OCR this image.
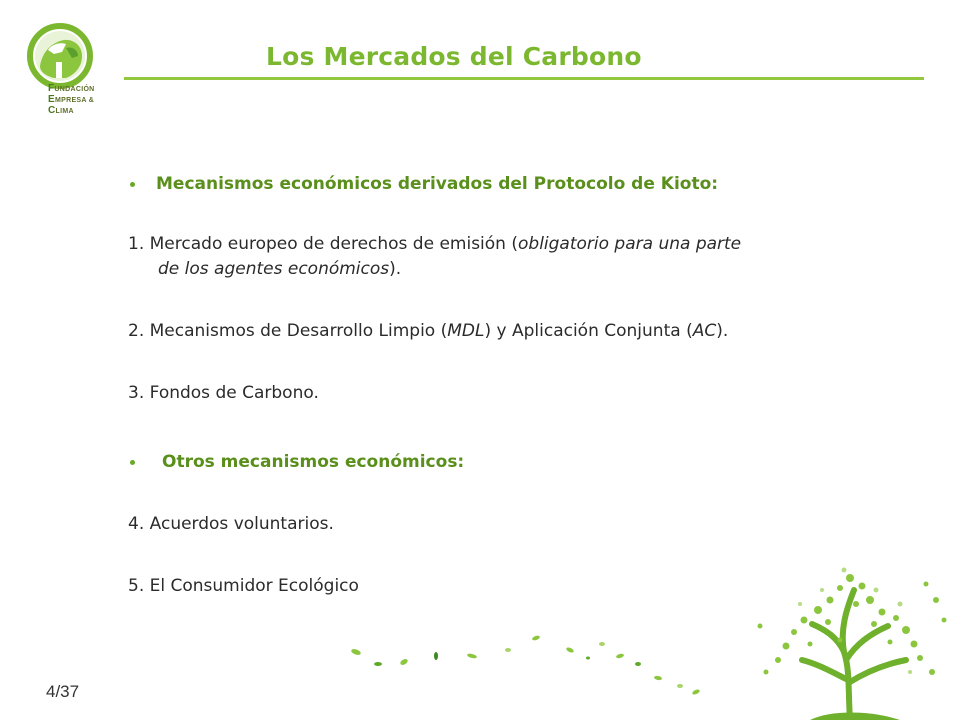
FUNDACIÓN
EMPRESA &
CLIMA
Los Mercados del Carbono
Mecanismos económicos derivados del Protocolo de Kioto:
1. Mercado europeo de derechos de emisión (obligatorio para una parte
de los agentes económicos).
2. Mecanismos de Desarrollo Limpio (MDL) y Aplicación Conjunta (AC).
3. Fondos de Carbono.
Otros mecanismos económicos:
4. Acuerdos voluntarios.
5. El Consumidor Ecológico
4/37
